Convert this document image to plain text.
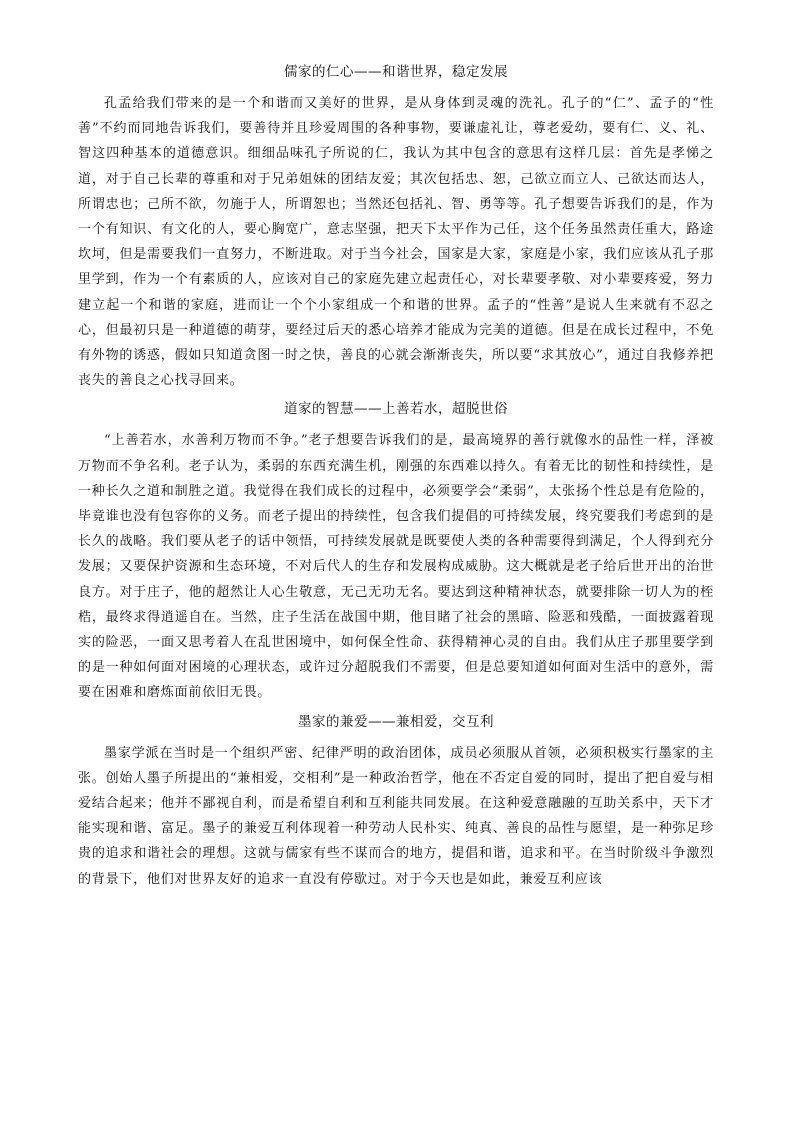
儒家的仁心——和谐世界，稳定发展

孔孟给我们带来的是一个和谐而又美好的世界，是从身体到灵魂的洗礼。孔子的“仁”、孟子的“性善”不约而同地告诉我们，要善待并且珍爱周围的各种事物，要谦虚礼让，尊老爱幼，要有仁、义、礼、智这四种基本的道德意识。细细品味孔子所说的仁，我认为其中包含的意思有这样几层：首先是孝悌之道，对于自己长辈的尊重和对于兄弟姐妹的团结友爱；其次包括忠、恕，己欲立而立人、己欲达而达人，所谓忠也；己所不欲，勿施于人，所谓恕也；当然还包括礼、智、勇等等。孔子想要告诉我们的是，作为一个有知识、有文化的人，要心胸宽广，意志坚强，把天下太平作为己任，这个任务虽然责任重大，路途坎坷，但是需要我们一直努力，不断进取。对于当今社会，国家是大家，家庭是小家，我们应该从孔子那里学到，作为一个有素质的人，应该对自己的家庭先建立起责任心，对长辈要孝敬、对小辈要疼爱，努力建立起一个和谐的家庭，进而让一个个小家组成一个和谐的世界。孟子的“性善”是说人生来就有不忍之心，但最初只是一种道德的萌芽，要经过后天的悉心培养才能成为完美的道德。但是在成长过程中，不免有外物的诱惑，假如只知道贪图一时之快，善良的心就会渐渐丧失，所以要“求其放心”，通过自我修养把丧失的善良之心找寻回来。

道家的智慧——上善若水，超脱世俗

“上善若水，水善利万物而不争。”老子想要告诉我们的是，最高境界的善行就像水的品性一样，泽被万物而不争名利。老子认为，柔弱的东西充满生机，刚强的东西难以持久。有着无比的韧性和持续性，是一种长久之道和制胜之道。我觉得在我们成长的过程中，必须要学会“柔弱”，太张扬个性总是有危险的，毕竟谁也没有包容你的义务。而老子提出的持续性，包含我们提倡的可持续发展，终究要我们考虑到的是长久的战略。我们要从老子的话中领悟，可持续发展就是既要使人类的各种需要得到满足，个人得到充分发展；又要保护资源和生态环境，不对后代人的生存和发展构成威胁。这大概就是老子给后世开出的治世良方。对于庄子，他的超然让人心生敬意，无己无功无名。要达到这种精神状态，就要排除一切人为的桎梏，最终求得逍遥自在。当然，庄子生活在战国中期，他目睹了社会的黑暗、险恶和残酷，一面披露着现实的险恶，一面又思考着人在乱世困境中，如何保全性命、获得精神心灵的自由。我们从庄子那里要学到的是一种如何面对困境的心理状态，或许过分超脱我们不需要，但是总要知道如何面对生活中的意外，需要在困难和磨炼面前依旧无畏。

墨家的兼爱——兼相爱，交互利

墨家学派在当时是一个组织严密、纪律严明的政治团体，成员必须服从首领，必须积极实行墨家的主张。创始人墨子所提出的“兼相爱，交相利”是一种政治哲学，他在不否定自爱的同时，提出了把自爱与相爱结合起来；他并不鄙视自利，而是希望自利和互利能共同发展。在这种爱意融融的互助关系中，天下才能实现和谐、富足。墨子的兼爱互利体现着一种劳动人民朴实、纯真、善良的品性与愿望，是一种弥足珍贵的追求和谐社会的理想。这就与儒家有些不谋而合的地方，提倡和谐，追求和平。在当时阶级斗争激烈的背景下，他们对世界友好的追求一直没有停歇过。对于今天也是如此，兼爱互利应该
